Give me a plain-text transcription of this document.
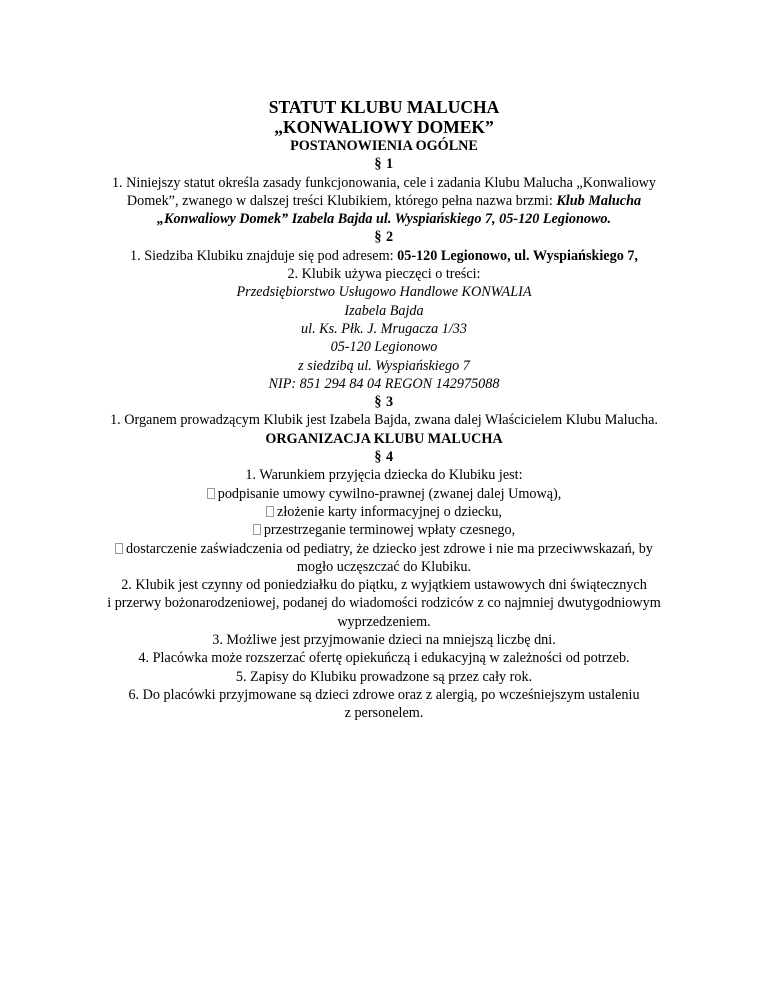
STATUT KLUBU MALUCHA
„KONWALIOWY DOMEK”
POSTANOWIENIA OGÓLNE
§ 1
1. Niniejszy statut określa zasady funkcjonowania, cele i zadania Klubu Malucha „Konwaliowy
Domek”, zwanego w dalszej treści Klubikiem, którego pełna nazwa brzmi: Klub Malucha
„Konwaliowy Domek” Izabela Bajda ul. Wyspiańskiego 7, 05-120 Legionowo.
§ 2
1. Siedziba Klubiku znajduje się pod adresem: 05-120 Legionowo, ul. Wyspiańskiego 7,
2. Klubik używa pieczęci o treści:
Przedsiębiorstwo Usługowo Handlowe KONWALIA
Izabela Bajda
ul. Ks. Płk. J. Mrugacza 1/33
05-120 Legionowo
z siedzibą ul. Wyspiańskiego 7
NIP: 851 294 84 04 REGON 142975088
§ 3
1. Organem prowadzącym Klubik jest Izabela Bajda, zwana dalej Właścicielem Klubu Malucha.
ORGANIZACJA KLUBU MALUCHA
§ 4
1. Warunkiem przyjęcia dziecka do Klubiku jest:
podpisanie umowy cywilno-prawnej (zwanej dalej Umową),
złożenie karty informacyjnej o dziecku,
przestrzeganie terminowej wpłaty czesnego,
dostarczenie zaświadczenia od pediatry, że dziecko jest zdrowe i nie ma przeciwwskazań, by
mogło uczęszczać do Klubiku.
2. Klubik jest czynny od poniedziałku do piątku, z wyjątkiem ustawowych dni świątecznych
i przerwy bożonarodzeniowej, podanej do wiadomości rodziców z co najmniej dwutygodniowym
wyprzedzeniem.
3. Możliwe jest przyjmowanie dzieci na mniejszą liczbę dni.
4. Placówka może rozszerzać ofertę opiekuńczą i edukacyjną w zależności od potrzeb.
5. Zapisy do Klubiku prowadzone są przez cały rok.
6. Do placówki przyjmowane są dzieci zdrowe oraz z alergią, po wcześniejszym ustaleniu
z personelem.
